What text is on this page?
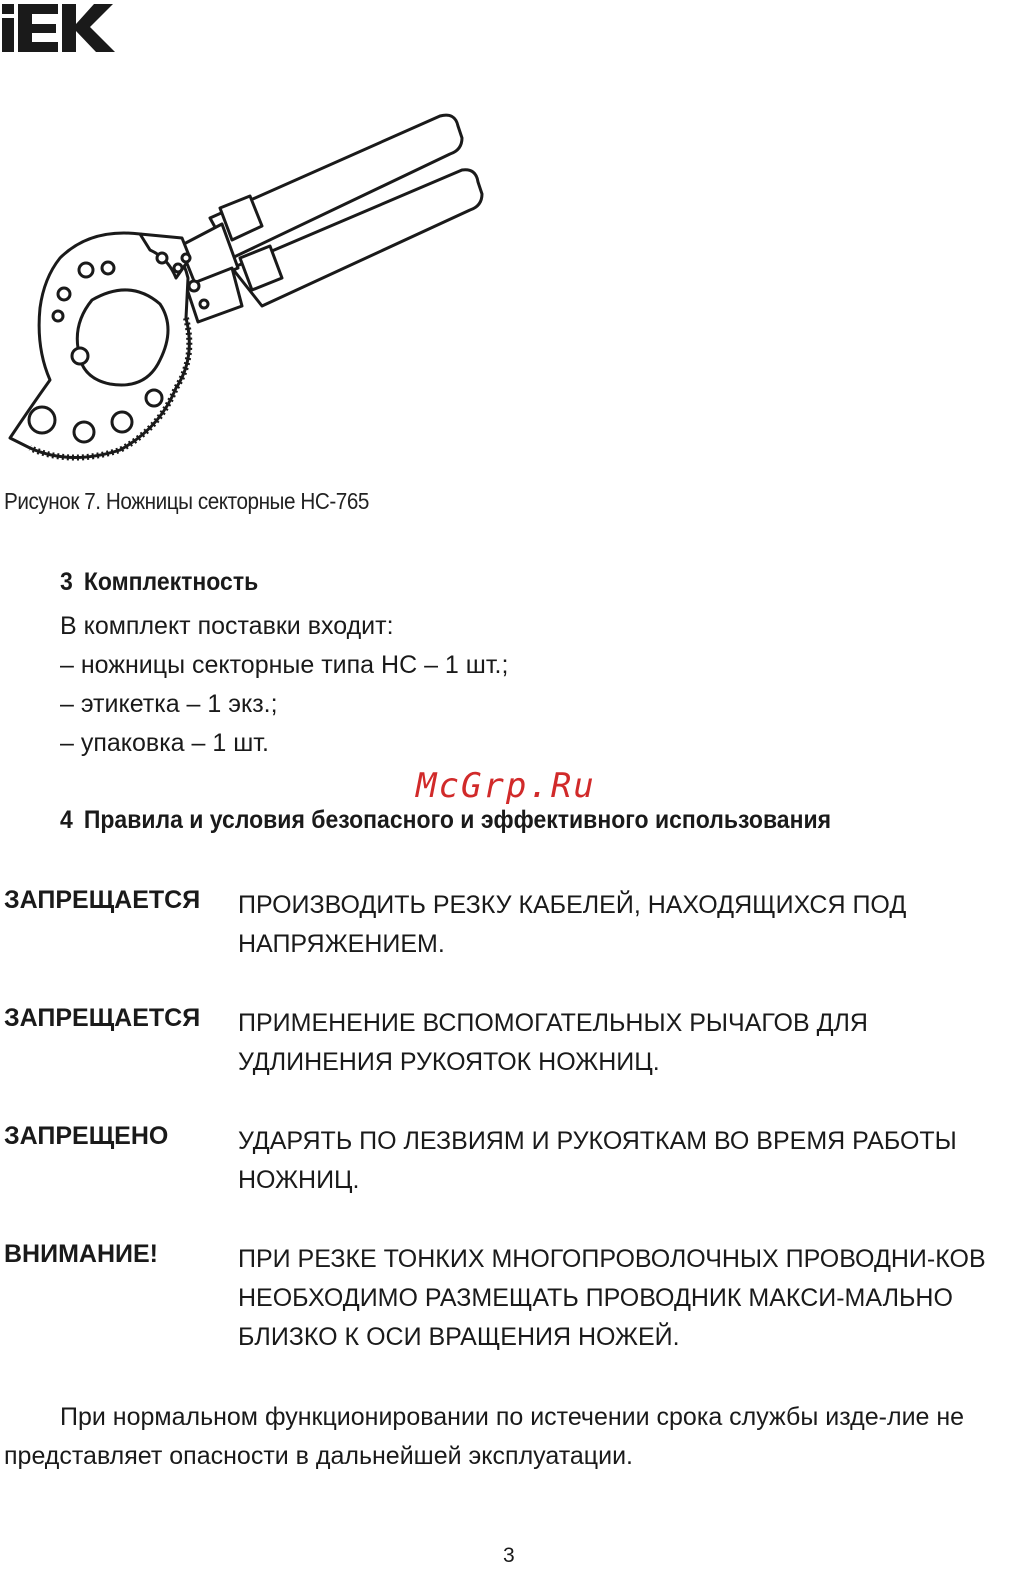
Рисунок 7. Ножницы секторные НС-765
3 Комплектность
В комплект поставки входит:
– ножницы секторные типа НС – 1 шт.;
– этикетка – 1 экз.;
– упаковка – 1 шт.
McGrp.Ru
4 Правила и условия безопасного и эффективного использования
ЗАПРЕЩАЕТСЯ ПРОИЗВОДИТЬ РЕЗКУ КАБЕЛЕЙ, НАХОДЯЩИХСЯ ПОД НАПРЯЖЕНИЕМ.
ЗАПРЕЩАЕТСЯ ПРИМЕНЕНИЕ ВСПОМОГАТЕЛЬНЫХ РЫЧАГОВ ДЛЯ УДЛИНЕНИЯ РУКОЯТОК НОЖНИЦ.
ЗАПРЕЩЕНО	УДАРЯТЬ ПО ЛЕЗВИЯМ И РУКОЯТКАМ ВО ВРЕМЯ РАБОТЫ НОЖНИЦ.
ВНИМАНИЕ!	ПРИ РЕЗКЕ ТОНКИХ МНОГОПРОВОЛОЧНЫХ ПРОВОДНИ-КОВ НЕОБХОДИМО РАЗМЕЩАТЬ ПРОВОДНИК МАКСИ-МАЛЬНО БЛИЗКО К ОСИ ВРАЩЕНИЯ НОЖЕЙ.
При нормальном функционировании по истечении срока службы изде-лие не представляет опасности в дальнейшей эксплуатации.
3
